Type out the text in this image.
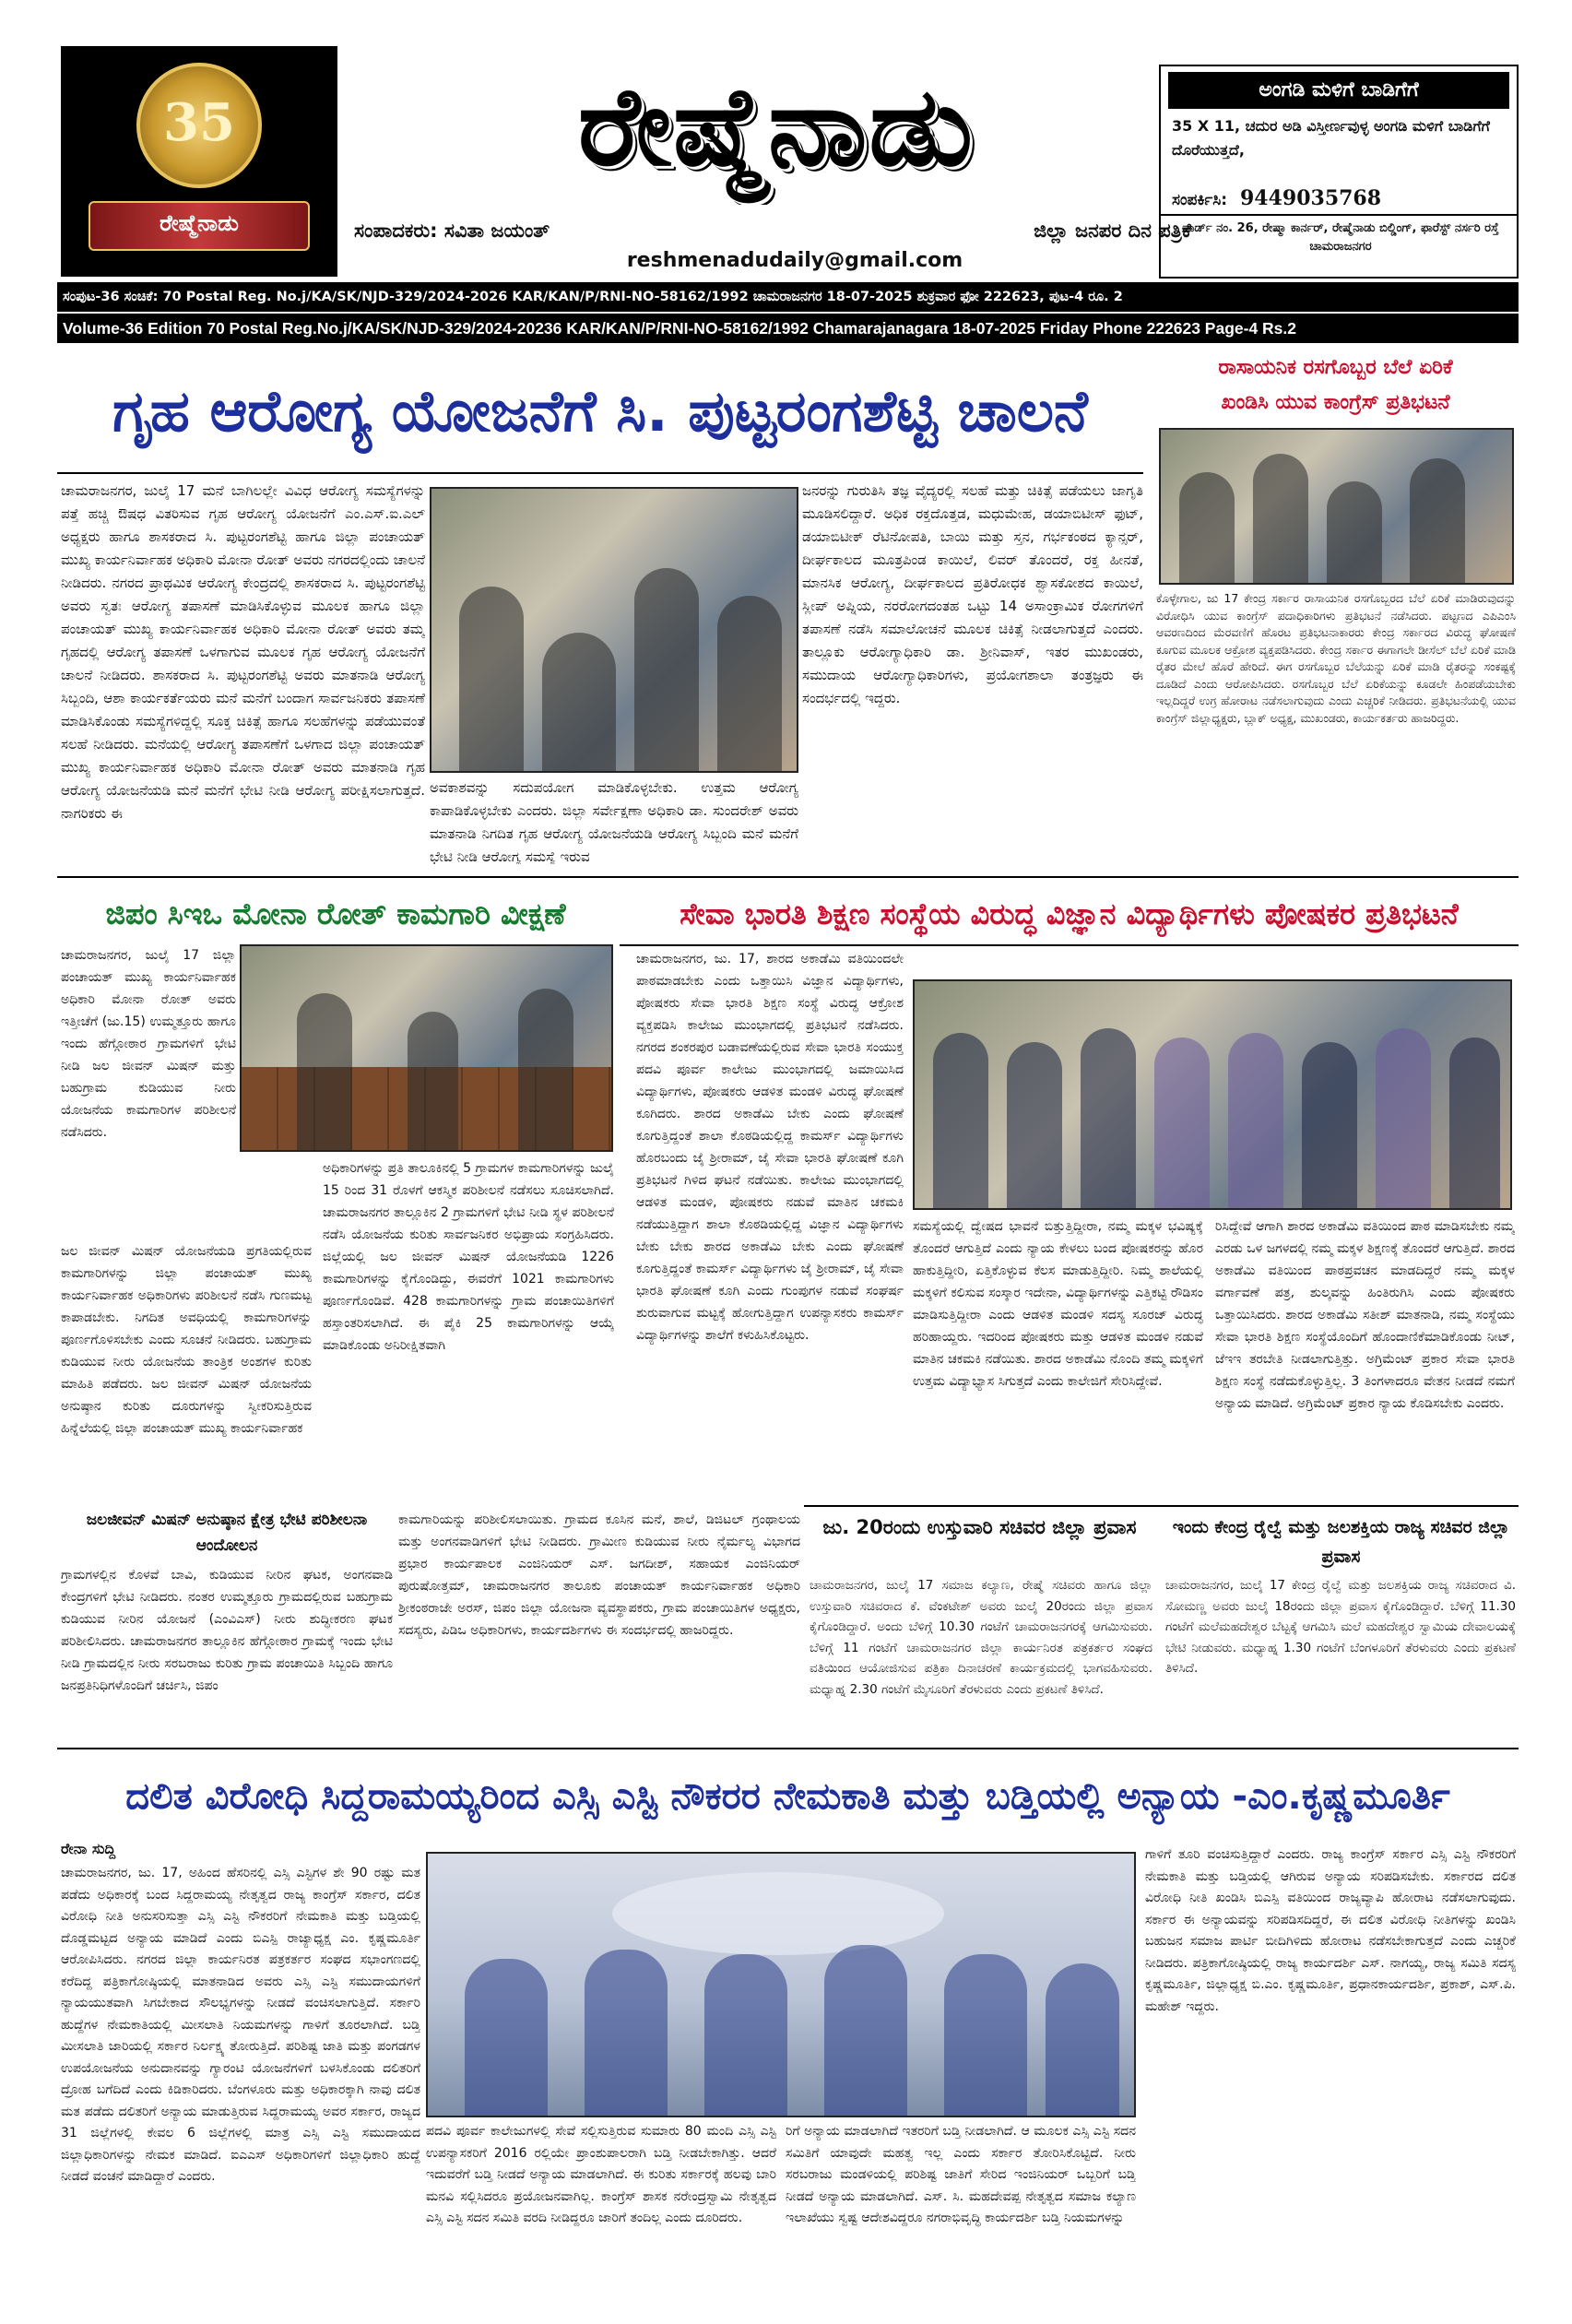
35
ರೇಷ್ಮೆನಾಡು
ರೇಷ್ಮೆನಾಡು
ಸಂಪಾದಕರು: ಸವಿತಾ ಜಯಂತ್	ಜಿಲ್ಲಾ ಜನಪರ ದಿನ ಪತ್ರಿಕೆ
reshmenadudaily@gmail.com
ಅಂಗಡಿ ಮಳಿಗೆ ಬಾಡಿಗೆಗೆ
35 X 11, ಚದುರ ಅಡಿ ವಿಸ್ತೀರ್ಣವುಳ್ಳ ಅಂಗಡಿ ಮಳಿಗೆ ಬಾಡಿಗೆಗೆ ದೊರೆಯುತ್ತದೆ,
ಸಂಪರ್ಕಿಸಿ: 9449035768
ವಾರ್ಡ್ ನಂ. 26, ರೇಷ್ಮಾ ಕಾರ್ನರ್, ರೇಷ್ಮೆನಾಡು ಬಿಲ್ಡಿಂಗ್, ಫಾರೆಸ್ಟ್ ನರ್ಸರಿ ರಸ್ತೆ ಚಾಮರಾಜನಗರ
ಸಂಪುಟ-36 ಸಂಚಿಕೆ: 70 Postal Reg. No.j/KA/SK/NJD-329/2024-2026 KAR/KAN/P/RNI-NO-58162/1992 ಚಾಮರಾಜನಗರ 18-07-2025 ಶುಕ್ರವಾರ ಫೋ 222623, ಪುಟ-4 ರೂ. 2
Volume-36 Edition 70 Postal Reg.No.j/KA/SK/NJD-329/2024-20236 KAR/KAN/P/RNI-NO-58162/1992 Chamarajanagara 18-07-2025 Friday Phone 222623 Page-4 Rs.2
ಗೃಹ ಆರೋಗ್ಯ ಯೋಜನೆಗೆ ಸಿ. ಪುಟ್ಟರಂಗಶೆಟ್ಟಿ ಚಾಲನೆ
ಚಾಮರಾಜನಗರ, ಜುಲೈ 17 ಮನೆ ಬಾಗಿಲಲ್ಲೇ ವಿವಿಧ ಆರೋಗ್ಯ ಸಮಸ್ಯೆಗಳನ್ನು ಪತ್ತೆ ಹಚ್ಚಿ ಔಷಧ ವಿತರಿಸುವ ಗೃಹ ಆರೋಗ್ಯ ಯೋಜನೆಗೆ ಎಂ.ಎಸ್.ಐ.ಎಲ್ ಅಧ್ಯಕ್ಷರು ಹಾಗೂ ಶಾಸಕರಾದ ಸಿ. ಪುಟ್ಟರಂಗಶೆಟ್ಟಿ ಹಾಗೂ ಜಿಲ್ಲಾ ಪಂಚಾಯತ್ ಮುಖ್ಯ ಕಾರ್ಯನಿರ್ವಾಹಕ ಅಧಿಕಾರಿ ಮೋನಾ ರೋತ್ ಅವರು ನಗರದಲ್ಲಿಂದು ಚಾಲನೆ ನೀಡಿದರು. ನಗರದ ಪ್ರಾಥಮಿಕ ಆರೋಗ್ಯ ಕೇಂದ್ರದಲ್ಲಿ ಶಾಸಕರಾದ ಸಿ. ಪುಟ್ಟರಂಗಶೆಟ್ಟಿ ಅವರು ಸ್ವತಃ ಆರೋಗ್ಯ ತಪಾಸಣೆ ಮಾಡಿಸಿಕೊಳ್ಳುವ ಮೂಲಕ ಹಾಗೂ ಜಿಲ್ಲಾ ಪಂಚಾಯತ್ ಮುಖ್ಯ ಕಾರ್ಯನಿರ್ವಾಹಕ ಅಧಿಕಾರಿ ಮೋನಾ ರೋತ್ ಅವರು ತಮ್ಮ ಗೃಹದಲ್ಲಿ ಆರೋಗ್ಯ ತಪಾಸಣೆ ಒಳಗಾಗುವ ಮೂಲಕ ಗೃಹ ಆರೋಗ್ಯ ಯೋಜನೆಗೆ ಚಾಲನೆ ನೀಡಿದರು. ಶಾಸಕರಾದ ಸಿ. ಪುಟ್ಟರಂಗಶೆಟ್ಟಿ ಅವರು ಮಾತನಾಡಿ ಆರೋಗ್ಯ ಸಿಬ್ಬಂದಿ, ಆಶಾ ಕಾರ್ಯಕರ್ತೆಯರು ಮನೆ ಮನೆಗೆ ಬಂದಾಗ ಸಾರ್ವಜನಿಕರು ತಪಾಸಣೆ ಮಾಡಿಸಿಕೊಂಡು ಸಮಸ್ಯೆಗಳಿದ್ದಲ್ಲಿ ಸೂಕ್ತ ಚಿಕಿತ್ಸೆ ಹಾಗೂ ಸಲಹೆಗಳನ್ನು ಪಡೆಯುವಂತೆ ಸಲಹೆ ನೀಡಿದರು. ಮನೆಯಲ್ಲಿ ಆರೋಗ್ಯ ತಪಾಸಣೆಗೆ ಒಳಗಾದ ಜಿಲ್ಲಾ ಪಂಚಾಯತ್ ಮುಖ್ಯ ಕಾರ್ಯನಿರ್ವಾಹಕ ಅಧಿಕಾರಿ ಮೋನಾ ರೋತ್ ಅವರು ಮಾತನಾಡಿ ಗೃಹ ಆರೋಗ್ಯ ಯೋಜನೆಯಡಿ ಮನೆ ಮನೆಗೆ ಭೇಟಿ ನೀಡಿ ಆರೋಗ್ಯ ಪರೀಕ್ಷಿಸಲಾಗುತ್ತದೆ. ನಾಗರಿಕರು ಈ
ಅವಕಾಶವನ್ನು ಸದುಪಯೋಗ ಮಾಡಿಕೊಳ್ಳಬೇಕು. ಉತ್ತಮ ಆರೋಗ್ಯ ಕಾಪಾಡಿಕೊಳ್ಳಬೇಕು ಎಂದರು. ಜಿಲ್ಲಾ ಸರ್ವೇಕ್ಷಣಾ ಅಧಿಕಾರಿ ಡಾ. ಸುಂದರೇಶ್ ಅವರು ಮಾತನಾಡಿ ನಿಗದಿತ ಗೃಹ ಆರೋಗ್ಯ ಯೋಜನೆಯಡಿ ಆರೋಗ್ಯ ಸಿಬ್ಬಂದಿ ಮನೆ ಮನೆಗೆ ಭೇಟಿ ನೀಡಿ ಆರೋಗ್ಯ ಸಮಸ್ಯೆ ಇರುವ
ಜನರನ್ನು ಗುರುತಿಸಿ ತಜ್ಞ ವೈದ್ಯರಲ್ಲಿ ಸಲಹೆ ಮತ್ತು ಚಿಕಿತ್ಸೆ ಪಡೆಯಲು ಜಾಗೃತಿ ಮೂಡಿಸಲಿದ್ದಾರೆ. ಅಧಿಕ ರಕ್ತದೊತ್ತಡ, ಮಧುಮೇಹ, ಡಯಾಬಿಟೀಸ್ ಫುಟ್, ಡಯಾಬಿಟೀಕ್ ರೆಟಿನೋಪತಿ, ಬಾಯಿ ಮತ್ತು ಸ್ತನ, ಗರ್ಭಕಂಠದ ಕ್ಯಾನ್ಸರ್, ದೀರ್ಘಕಾಲದ ಮೂತ್ರಪಿಂಡ ಕಾಯಿಲೆ, ಲಿವರ್ ತೊಂದರೆ, ರಕ್ತ ಹೀನತೆ, ಮಾನಸಿಕ ಆರೋಗ್ಯ, ದೀರ್ಘಕಾಲದ ಪ್ರತಿರೋಧಕ ಶ್ವಾಸಕೋಶದ ಕಾಯಿಲೆ, ಸ್ಲೀಪ್ ಅಪ್ನಿಯ, ನರರೋಗದಂತಹ ಒಟ್ಟು 14 ಅಸಾಂಕ್ರಾಮಿಕ ರೋಗಗಳಿಗೆ ತಪಾಸಣೆ ನಡೆಸಿ ಸಮಾಲೋಚನೆ ಮೂಲಕ ಚಿಕಿತ್ಸೆ ನೀಡಲಾಗುತ್ತದೆ ಎಂದರು. ತಾಲ್ಲೂಕು ಆರೋಗ್ಯಾಧಿಕಾರಿ ಡಾ. ಶ್ರೀನಿವಾಸ್, ಇತರ ಮುಖಂಡರು, ಸಮುದಾಯ ಆರೋಗ್ಯಾಧಿಕಾರಿಗಳು, ಪ್ರಯೋಗಶಾಲಾ ತಂತ್ರಜ್ಞರು ಈ ಸಂದರ್ಭದಲ್ಲಿ ಇದ್ದರು.
ರಾಸಾಯನಿಕ ರಸಗೊಬ್ಬರ ಬೆಲೆ ಏರಿಕೆ
ಖಂಡಿಸಿ ಯುವ ಕಾಂಗ್ರೆಸ್ ಪ್ರತಿಭಟನೆ
ಕೊಳ್ಳೇಗಾಲ, ಜು 17 ಕೇಂದ್ರ ಸರ್ಕಾರ ರಾಸಾಯನಿಕ ರಸಗೊಬ್ಬರದ ಬೆಲೆ ಏರಿಕೆ ಮಾಡಿರುವುದನ್ನು ವಿರೋಧಿಸಿ ಯುವ ಕಾಂಗ್ರೆಸ್ ಪದಾಧಿಕಾರಿಗಳು ಪ್ರತಿಭಟನೆ ನಡೆಸಿದರು. ಪಟ್ಟಣದ ಎಪಿಎಂಸಿ ಆವರಣದಿಂದ ಮೆರವಣಿಗೆ ಹೊರಟ ಪ್ರತಿಭಟನಾಕಾರರು ಕೇಂದ್ರ ಸರ್ಕಾರದ ವಿರುದ್ಧ ಘೋಷಣೆ ಕೂಗುವ ಮೂಲಕ ಆಕ್ರೋಶ ವ್ಯಕ್ತಪಡಿಸಿದರು. ಕೇಂದ್ರ ಸರ್ಕಾರ ಈಗಾಗಲೇ ಡೀಸೆಲ್ ಬೆಲೆ ಏರಿಕೆ ಮಾಡಿ ರೈತರ ಮೇಲೆ ಹೊರೆ ಹೇರಿದೆ. ಈಗ ರಸಗೊಬ್ಬರ ಬೆಲೆಯನ್ನು ಏರಿಕೆ ಮಾಡಿ ರೈತರನ್ನು ಸಂಕಷ್ಟಕ್ಕೆ ದೂಡಿದೆ ಎಂದು ಆರೋಪಿಸಿದರು. ರಸಗೊಬ್ಬರ ಬೆಲೆ ಏರಿಕೆಯನ್ನು ಕೂಡಲೇ ಹಿಂಪಡೆಯಬೇಕು ಇಲ್ಲದಿದ್ದರೆ ಉಗ್ರ ಹೋರಾಟ ನಡೆಸಲಾಗುವುದು ಎಂದು ಎಚ್ಚರಿಕೆ ನೀಡಿದರು. ಪ್ರತಿಭಟನೆಯಲ್ಲಿ ಯುವ ಕಾಂಗ್ರೆಸ್ ಜಿಲ್ಲಾಧ್ಯಕ್ಷರು, ಬ್ಲಾಕ್ ಅಧ್ಯಕ್ಷ, ಮುಖಂಡರು, ಕಾರ್ಯಕರ್ತರು ಹಾಜರಿದ್ದರು.
ಜಿಪಂ ಸಿಇಒ ಮೋನಾ ರೋತ್ ಕಾಮಗಾರಿ ವೀಕ್ಷಣೆ
ಚಾಮರಾಜನಗರ, ಜುಲೈ 17 ಜಿಲ್ಲಾ ಪಂಚಾಯತ್ ಮುಖ್ಯ ಕಾರ್ಯನಿರ್ವಾಹಕ ಅಧಿಕಾರಿ ಮೋನಾ ರೋತ್ ಅವರು ಇತ್ತೀಚೆಗೆ (ಜು.15) ಉಮ್ಮತ್ತೂರು ಹಾಗೂ ಇಂದು ಹೆಗ್ಗೋಠಾರ ಗ್ರಾಮಗಳಿಗೆ ಭೇಟಿ ನೀಡಿ ಜಲ ಜೀವನ್ ಮಿಷನ್ ಮತ್ತು ಬಹುಗ್ರಾಮ ಕುಡಿಯುವ ನೀರು ಯೋಜನೆಯ ಕಾಮಗಾರಿಗಳ ಪರಿಶೀಲನೆ ನಡೆಸಿದರು.
ಜಲ ಜೀವನ್ ಮಿಷನ್ ಯೋಜನೆಯಡಿ ಪ್ರಗತಿಯಲ್ಲಿರುವ ಕಾಮಗಾರಿಗಳನ್ನು ಜಿಲ್ಲಾ ಪಂಚಾಯತ್ ಮುಖ್ಯ ಕಾರ್ಯನಿರ್ವಾಹಕ ಅಧಿಕಾರಿಗಳು ಪರಿಶೀಲನೆ ನಡೆಸಿ ಗುಣಮಟ್ಟ ಕಾಪಾಡಬೇಕು. ನಿಗದಿತ ಅವಧಿಯಲ್ಲಿ ಕಾಮಗಾರಿಗಳನ್ನು ಪೂರ್ಣಗೊಳಿಸಬೇಕು ಎಂದು ಸೂಚನೆ ನೀಡಿದರು. ಬಹುಗ್ರಾಮ ಕುಡಿಯುವ ನೀರು ಯೋಜನೆಯ ತಾಂತ್ರಿಕ ಅಂಶಗಳ ಕುರಿತು ಮಾಹಿತಿ ಪಡೆದರು. ಜಲ ಜೀವನ್ ಮಿಷನ್ ಯೋಜನೆಯ ಅನುಷ್ಠಾನ ಕುರಿತು ದೂರುಗಳನ್ನು ಸ್ವೀಕರಿಸುತ್ತಿರುವ ಹಿನ್ನೆಲೆಯಲ್ಲಿ ಜಿಲ್ಲಾ ಪಂಚಾಯತ್ ಮುಖ್ಯ ಕಾರ್ಯನಿರ್ವಾಹಕ
ಅಧಿಕಾರಿಗಳನ್ನು ಪ್ರತಿ ತಾಲೂಕಿನಲ್ಲಿ 5 ಗ್ರಾಮಗಳ ಕಾಮಗಾರಿಗಳನ್ನು ಜುಲೈ 15 ರಿಂದ 31 ರೊಳಗೆ ಆಕಸ್ಮಿಕ ಪರಿಶೀಲನೆ ನಡೆಸಲು ಸೂಚಿಸಲಾಗಿದೆ. ಚಾಮರಾಜನಗರ ತಾಲ್ಲೂಕಿನ 2 ಗ್ರಾಮಗಳಿಗೆ ಭೇಟಿ ನೀಡಿ ಸ್ಥಳ ಪರಿಶೀಲನೆ ನಡೆಸಿ ಯೋಜನೆಯ ಕುರಿತು ಸಾರ್ವಜನಿಕರ ಅಭಿಪ್ರಾಯ ಸಂಗ್ರಹಿಸಿದರು. ಜಿಲ್ಲೆಯಲ್ಲಿ ಜಲ ಜೀವನ್ ಮಿಷನ್ ಯೋಜನೆಯಡಿ 1226 ಕಾಮಗಾರಿಗಳನ್ನು ಕೈಗೊಂಡಿದ್ದು, ಈವರೆಗೆ 1021 ಕಾಮಗಾರಿಗಳು ಪೂರ್ಣಗೊಂಡಿವೆ. 428 ಕಾಮಗಾರಿಗಳನ್ನು ಗ್ರಾಮ ಪಂಚಾಯಿತಿಗಳಿಗೆ ಹಸ್ತಾಂತರಿಸಲಾಗಿದೆ. ಈ ಪೈಕಿ 25 ಕಾಮಗಾರಿಗಳನ್ನು ಆಯ್ಕೆ ಮಾಡಿಕೊಂಡು ಅನಿರೀಕ್ಷಿತವಾಗಿ
ಜಲಜೀವನ್ ಮಿಷನ್ ಅನುಷ್ಠಾನ ಕ್ಷೇತ್ರ ಭೇಟಿ ಪರಿಶೀಲನಾ ಆಂದೋಲನ
ಗ್ರಾಮಗಳಲ್ಲಿನ ಕೊಳವೆ ಬಾವಿ, ಕುಡಿಯುವ ನೀರಿನ ಘಟಕ, ಅಂಗನವಾಡಿ ಕೇಂದ್ರಗಳಿಗೆ ಭೇಟಿ ನೀಡಿದರು. ನಂತರ ಉಮ್ಮತ್ತೂರು ಗ್ರಾಮದಲ್ಲಿರುವ ಬಹುಗ್ರಾಮ ಕುಡಿಯುವ ನೀರಿನ ಯೋಜನೆ (ಎಂವಿಎಸ್) ನೀರು ಶುದ್ಧೀಕರಣ ಘಟಕ ಪರಿಶೀಲಿಸಿದರು. ಚಾಮರಾಜನಗರ ತಾಲ್ಲೂಕಿನ ಹೆಗ್ಗೋಠಾರ ಗ್ರಾಮಕ್ಕೆ ಇಂದು ಭೇಟಿ ನೀಡಿ ಗ್ರಾಮದಲ್ಲಿನ ನೀರು ಸರಬರಾಜು ಕುರಿತು ಗ್ರಾಮ ಪಂಚಾಯಿತಿ ಸಿಬ್ಬಂದಿ ಹಾಗೂ ಜನಪ್ರತಿನಿಧಿಗಳೊಂದಿಗೆ ಚರ್ಚಿಸಿ, ಜಿಪಂ
ಕಾಮಗಾರಿಯನ್ನು ಪರಿಶೀಲಿಸಲಾಯಿತು. ಗ್ರಾಮದ ಕೂಸಿನ ಮನೆ, ಶಾಲೆ, ಡಿಜಿಟಲ್ ಗ್ರಂಥಾಲಯ ಮತ್ತು ಅಂಗನವಾಡಿಗಳಿಗೆ ಭೇಟಿ ನೀಡಿದರು. ಗ್ರಾಮೀಣ ಕುಡಿಯುವ ನೀರು ನೈರ್ಮಲ್ಯ ವಿಭಾಗದ ಪ್ರಭಾರ ಕಾರ್ಯಪಾಲಕ ಎಂಜಿನಿಯರ್ ಎಸ್. ಜಗದೀಶ್, ಸಹಾಯಕ ಎಂಜಿನಿಯರ್ ಪುರುಷೋತ್ತಮ್, ಚಾಮರಾಜನಗರ ತಾಲೂಕು ಪಂಚಾಯತ್ ಕಾರ್ಯನಿರ್ವಾಹಕ ಅಧಿಕಾರಿ ಶ್ರೀಕಂಠರಾಜೇ ಅರಸ್, ಜಿಪಂ ಜಿಲ್ಲಾ ಯೋಜನಾ ವ್ಯವಸ್ಥಾಪಕರು, ಗ್ರಾಮ ಪಂಚಾಯಿತಿಗಳ ಅಧ್ಯಕ್ಷರು, ಸದಸ್ಯರು, ಪಿಡಿಒ ಅಧಿಕಾರಿಗಳು, ಕಾರ್ಯದರ್ಶಿಗಳು ಈ ಸಂದರ್ಭದಲ್ಲಿ ಹಾಜರಿದ್ದರು.
ಸೇವಾ ಭಾರತಿ ಶಿಕ್ಷಣ ಸಂಸ್ಥೆಯ ವಿರುದ್ಧ ವಿಜ್ಞಾನ ವಿದ್ಯಾರ್ಥಿಗಳು ಪೋಷಕರ ಪ್ರತಿಭಟನೆ
ಚಾಮರಾಜನಗರ, ಜು. 17, ಶಾರದ ಅಕಾಡೆಮಿ ವತಿಯಿಂದಲೇ ಪಾಠಮಾಡಬೇಕು ಎಂದು ಒತ್ತಾಯಿಸಿ ವಿಜ್ಞಾನ ವಿದ್ಯಾರ್ಥಿಗಳು, ಪೋಷಕರು ಸೇವಾ ಭಾರತಿ ಶಿಕ್ಷಣ ಸಂಸ್ಥೆ ವಿರುದ್ಧ ಆಕ್ರೋಶ ವ್ಯಕ್ತಪಡಿಸಿ ಕಾಲೇಜು ಮುಂಭಾಗದಲ್ಲಿ ಪ್ರತಿಭಟನೆ ನಡೆಸಿದರು. ನಗರದ ಶಂಕರಪುರ ಬಡಾವಣೆಯಲ್ಲಿರುವ ಸೇವಾ ಭಾರತಿ ಸಂಯುಕ್ತ ಪದವಿ ಪೂರ್ವ ಕಾಲೇಜು ಮುಂಭಾಗದಲ್ಲಿ ಜಮಾಯಿಸಿದ ವಿದ್ಯಾರ್ಥಿಗಳು, ಪೋಷಕರು ಆಡಳಿತ ಮಂಡಳಿ ವಿರುದ್ಧ ಘೋಷಣೆ ಕೂಗಿದರು. ಶಾರದ ಅಕಾಡೆಮಿ ಬೇಕು ಎಂದು ಘೋಷಣೆ ಕೂಗುತ್ತಿದ್ದಂತೆ ಶಾಲಾ ಕೊಠಡಿಯಲ್ಲಿದ್ದ ಕಾಮರ್ಸ್ ವಿದ್ಯಾರ್ಥಿಗಳು ಹೊರಬಂದು ಜೈ ಶ್ರೀರಾಮ್, ಜೈ ಸೇವಾ ಭಾರತಿ ಘೋಷಣೆ ಕೂಗಿ ಪ್ರತಿಭಟನೆ ಗಿಳಿದ ಘಟನೆ ನಡೆಯಿತು. ಕಾಲೇಜು ಮುಂಭಾಗದಲ್ಲಿ ಆಡಳಿತ ಮಂಡಳಿ, ಪೋಷಕರು ನಡುವೆ ಮಾತಿನ ಚಕಮಕಿ ನಡೆಯುತ್ತಿದ್ದಾಗ ಶಾಲಾ ಕೊಠಡಿಯಲ್ಲಿದ್ದ ವಿಜ್ಞಾನ ವಿದ್ಯಾರ್ಥಿಗಳು ಬೇಕು ಬೇಕು ಶಾರದ ಅಕಾಡೆಮಿ ಬೇಕು ಎಂದು ಘೋಷಣೆ ಕೂಗುತ್ತಿದ್ದಂತೆ ಕಾಮರ್ಸ್ ವಿದ್ಯಾರ್ಥಿಗಳು ಜೈ ಶ್ರೀರಾಮ್, ಜೈ ಸೇವಾ ಭಾರತಿ ಘೋಷಣೆ ಕೂಗಿ ಎಂದು ಗುಂಪುಗಳ ನಡುವೆ ಸಂಘರ್ಷ ಶುರುವಾಗುವ ಮಟ್ಟಕ್ಕೆ ಹೋಗುತ್ತಿದ್ದಾಗ ಉಪನ್ಯಾಸಕರು ಕಾಮರ್ಸ್ ವಿದ್ಯಾರ್ಥಿಗಳನ್ನು ಶಾಲೆಗೆ ಕಳುಹಿಸಿಕೊಟ್ಟರು.
ಸಮಸ್ಯೆಯಲ್ಲಿ ದ್ವೇಷದ ಭಾವನೆ ಬಿತ್ತುತ್ತಿದ್ದೀರಾ, ನಮ್ಮ ಮಕ್ಕಳ ಭವಿಷ್ಯಕ್ಕೆ ತೊಂದರೆ ಆಗುತ್ತಿದೆ ಎಂದು ನ್ಯಾಯ ಕೇಳಲು ಬಂದ ಪೋಷಕರನ್ನು ಹೊರ ಹಾಕುತ್ತಿದ್ದೀರಿ, ಏತ್ತಿಕೊಳ್ಳುವ ಕೆಲಸ ಮಾಡುತ್ತಿದ್ದೀರಿ. ನಿಮ್ಮ ಶಾಲೆಯಲ್ಲಿ ಮಕ್ಕಳಿಗೆ ಕಲಿಸುವ ಸಂಸ್ಕಾರ ಇದೇನಾ, ವಿದ್ಯಾರ್ಥಿಗಳನ್ನು ಎತ್ತಿಕಟ್ಟಿ ರೌಡಿಸಂ ಮಾಡಿಸುತ್ತಿದ್ದೀರಾ ಎಂದು ಆಡಳಿತ ಮಂಡಳಿ ಸದಸ್ಯ ಸೂರಜ್ ವಿರುದ್ಧ ಹರಿಹಾಯ್ದರು. ಇದರಿಂದ ಪೋಷಕರು ಮತ್ತು ಆಡಳಿತ ಮಂಡಳಿ ನಡುವೆ ಮಾತಿನ ಚಕಮಕಿ ನಡೆಯಿತು. ಶಾರದ ಅಕಾಡೆಮಿ ನೊಂದಿ ತಮ್ಮ ಮಕ್ಕಳಿಗೆ ಉತ್ತಮ ವಿದ್ಯಾಭ್ಯಾಸ ಸಿಗುತ್ತದೆ ಎಂದು ಕಾಲೇಜಿಗೆ ಸೇರಿಸಿದ್ದೇವೆ.
ರಿಸಿದ್ದೇವೆ ಆಗಾಗಿ ಶಾರದ ಅಕಾಡೆಮಿ ವತಿಯಿಂದ ಪಾಠ ಮಾಡಿಸಬೇಕು ನಮ್ಮ ಎರಡು ಒಳ ಜಗಳದಲ್ಲಿ ನಮ್ಮ ಮಕ್ಕಳ ಶಿಕ್ಷಣಕ್ಕೆ ತೊಂದರೆ ಆಗುತ್ತಿದೆ. ಶಾರದ ಅಕಾಡೆಮಿ ವತಿಯಿಂದ ಪಾಠಪ್ರವಚನ ಮಾಡದಿದ್ದರೆ ನಮ್ಮ ಮಕ್ಕಳ ವರ್ಗಾವಣೆ ಪತ್ರ, ಶುಲ್ಕವನ್ನು ಹಿಂತಿರುಗಿಸಿ ಎಂದು ಪೋಷಕರು ಒತ್ತಾಯಿಸಿದರು. ಶಾರದ ಅಕಾಡೆಮಿ ಸತೀಶ್ ಮಾತನಾಡಿ, ನಮ್ಮ ಸಂಸ್ಥೆಯು ಸೇವಾ ಭಾರತಿ ಶಿಕ್ಷಣ ಸಂಸ್ಥೆಯೊಂದಿಗೆ ಹೊಂದಾಣಿಕೆಮಾಡಿಕೊಂಡು ನೀಟ್, ಜೆಇಇ ತರಬೇತಿ ನೀಡಲಾಗುತ್ತಿತ್ತು. ಅಗ್ರಿಮೆಂಟ್ ಪ್ರಕಾರ ಸೇವಾ ಭಾರತಿ ಶಿಕ್ಷಣ ಸಂಸ್ಥೆ ನಡೆದುಕೊಳ್ಳುತ್ತಿಲ್ಲ. 3 ತಿಂಗಳಾದರೂ ವೇತನ ನೀಡದೆ ನಮಗೆ ಅನ್ಯಾಯ ಮಾಡಿದೆ. ಅಗ್ರಿಮೆಂಟ್ ಪ್ರಕಾರ ನ್ಯಾಯ ಕೊಡಿಸಬೇಕು ಎಂದರು.
ಜು. 20ರಂದು ಉಸ್ತುವಾರಿ ಸಚಿವರ ಜಿಲ್ಲಾ ಪ್ರವಾಸ
ಚಾಮರಾಜನಗರ, ಜುಲೈ 17 ಸಮಾಜ ಕಲ್ಯಾಣ, ರೇಷ್ಮೆ ಸಚಿವರು ಹಾಗೂ ಜಿಲ್ಲಾ ಉಸ್ತುವಾರಿ ಸಚಿವರಾದ ಕೆ. ವೆಂಕಟೇಶ್ ಅವರು ಜುಲೈ 20ರಂದು ಜಿಲ್ಲಾ ಪ್ರವಾಸ ಕೈಗೊಂಡಿದ್ದಾರೆ. ಅಂದು ಬೆಳಿಗ್ಗೆ 10.30 ಗಂಟೆಗೆ ಚಾಮರಾಜನಗರಕ್ಕೆ ಆಗಮಿಸುವರು. ಬೆಳಿಗ್ಗೆ 11 ಗಂಟೆಗೆ ಚಾಮರಾಜನಗರ ಜಿಲ್ಲಾ ಕಾರ್ಯನಿರತ ಪತ್ರಕರ್ತರ ಸಂಘದ ವತಿಯಿಂದ ಆಯೋಜಿಸುವ ಪತ್ರಿಕಾ ದಿನಾಚರಣೆ ಕಾರ್ಯಕ್ರಮದಲ್ಲಿ ಭಾಗವಹಿಸುವರು. ಮಧ್ಯಾಹ್ನ 2.30 ಗಂಟೆಗೆ ಮೈಸೂರಿಗೆ ತೆರಳುವರು ಎಂದು ಪ್ರಕಟಣೆ ತಿಳಿಸಿದೆ.
ಇಂದು ಕೇಂದ್ರ ರೈಲ್ವೆ ಮತ್ತು ಜಲಶಕ್ತಿಯ ರಾಜ್ಯ ಸಚಿವರ ಜಿಲ್ಲಾ ಪ್ರವಾಸ
ಚಾಮರಾಜನಗರ, ಜುಲೈ 17 ಕೇಂದ್ರ ರೈಲ್ವೆ ಮತ್ತು ಜಲಶಕ್ತಿಯ ರಾಜ್ಯ ಸಚಿವರಾದ ವಿ. ಸೋಮಣ್ಣ ಅವರು ಜುಲೈ 18ರಂದು ಜಿಲ್ಲಾ ಪ್ರವಾಸ ಕೈಗೊಂಡಿದ್ದಾರೆ. ಬೆಳಿಗ್ಗೆ 11.30 ಗಂಟೆಗೆ ಮಲೆಮಹದೇಶ್ವರ ಬೆಟ್ಟಕ್ಕೆ ಆಗಮಿಸಿ ಮಲೆ ಮಹದೇಶ್ವರ ಸ್ವಾಮಿಯ ದೇವಾಲಯಕ್ಕೆ ಭೇಟಿ ನೀಡುವರು. ಮಧ್ಯಾಹ್ನ 1.30 ಗಂಟೆಗೆ ಬೆಂಗಳೂರಿಗೆ ತೆರಳುವರು ಎಂದು ಪ್ರಕಟಣೆ ತಿಳಿಸಿದೆ.
ದಲಿತ ವಿರೋಧಿ ಸಿದ್ದರಾಮಯ್ಯರಿಂದ ಎಸ್ಸಿ ಎಸ್ಟಿ ನೌಕರರ ನೇಮಕಾತಿ ಮತ್ತು ಬಡ್ತಿಯಲ್ಲಿ ಅನ್ಯಾಯ -ಎಂ.ಕೃಷ್ಣಮೂರ್ತಿ
ರೇನಾ ಸುದ್ದಿ
ಚಾಮರಾಜನಗರ, ಜು. 17, ಅಹಿಂದ ಹೆಸರಿನಲ್ಲಿ ಎಸ್ಸಿ ಎಸ್ಟಿಗಳ ಶೇ 90 ರಷ್ಟು ಮತ ಪಡೆದು ಅಧಿಕಾರಕ್ಕೆ ಬಂದ ಸಿದ್ದರಾಮಯ್ಯ ನೇತೃತ್ವದ ರಾಜ್ಯ ಕಾಂಗ್ರೆಸ್ ಸರ್ಕಾರ, ದಲಿತ ವಿರೋಧಿ ನೀತಿ ಅನುಸರಿಸುತ್ತಾ ಎಸ್ಸಿ ಎಸ್ಟಿ ನೌಕರರಿಗೆ ನೇಮಕಾತಿ ಮತ್ತು ಬಡ್ತಿಯಲ್ಲಿ ದೊಡ್ಡಮಟ್ಟದ ಅನ್ಯಾಯ ಮಾಡಿದೆ ಎಂದು ಬಿಎಸ್ಪಿ ರಾಜ್ಯಾಧ್ಯಕ್ಷ ಎಂ. ಕೃಷ್ಣಮೂರ್ತಿ ಆರೋಪಿಸಿದರು. ನಗರದ ಜಿಲ್ಲಾ ಕಾರ್ಯನಿರತ ಪತ್ರಕರ್ತರ ಸಂಘದ ಸಭಾಂಗಣದಲ್ಲಿ ಕರೆದಿದ್ದ ಪತ್ರಿಕಾಗೋಷ್ಠಿಯಲ್ಲಿ ಮಾತನಾಡಿದ ಅವರು ಎಸ್ಸಿ ಎಸ್ಟಿ ಸಮುದಾಯಗಳಿಗೆ ನ್ಯಾಯಯುತವಾಗಿ ಸಿಗಬೇಕಾದ ಸೌಲಭ್ಯಗಳನ್ನು ನೀಡದೆ ವಂಚಿಸಲಾಗುತ್ತಿದೆ. ಸರ್ಕಾರಿ ಹುದ್ದೆಗಳ ನೇಮಕಾತಿಯಲ್ಲಿ ಮೀಸಲಾತಿ ನಿಯಮಗಳನ್ನು ಗಾಳಿಗೆ ತೂರಲಾಗಿದೆ. ಬಡ್ತಿ ಮೀಸಲಾತಿ ಜಾರಿಯಲ್ಲಿ ಸರ್ಕಾರ ನಿರ್ಲಕ್ಷ್ಯ ತೋರುತ್ತಿದೆ. ಪರಿಶಿಷ್ಟ ಜಾತಿ ಮತ್ತು ಪಂಗಡಗಳ ಉಪಯೋಜನೆಯ ಅನುದಾನವನ್ನು ಗ್ಯಾರಂಟಿ ಯೋಜನೆಗಳಿಗೆ ಬಳಸಿಕೊಂಡು ದಲಿತರಿಗೆ ದ್ರೋಹ ಬಗೆದಿದೆ ಎಂದು ಕಿಡಿಕಾರಿದರು. ಬೆಂಗಳೂರು ಮತ್ತು ಅಧಿಕಾರಕ್ಕಾಗಿ ನಾವು ದಲಿತ ಮತ ಪಡೆದು ದಲಿತರಿಗೆ ಅನ್ಯಾಯ ಮಾಡುತ್ತಿರುವ ಸಿದ್ದರಾಮಯ್ಯ ಅವರ ಸರ್ಕಾರ, ರಾಜ್ಯದ 31 ಜಿಲ್ಲೆಗಳಲ್ಲಿ ಕೇವಲ 6 ಜಿಲ್ಲೆಗಳಲ್ಲಿ ಮಾತ್ರ ಎಸ್ಸಿ ಎಸ್ಟಿ ಸಮುದಾಯದ ಜಿಲ್ಲಾಧಿಕಾರಿಗಳನ್ನು ನೇಮಕ ಮಾಡಿದೆ. ಐಎಎಸ್ ಅಧಿಕಾರಿಗಳಿಗೆ ಜಿಲ್ಲಾಧಿಕಾರಿ ಹುದ್ದೆ ನೀಡದೆ ವಂಚನೆ ಮಾಡಿದ್ದಾರೆ ಎಂದರು.
ಪದವಿ ಪೂರ್ವ ಕಾಲೇಜುಗಳಲ್ಲಿ ಸೇವೆ ಸಲ್ಲಿಸುತ್ತಿರುವ ಸುಮಾರು 80 ಮಂದಿ ಎಸ್ಸಿ ಎಸ್ಟಿ ಉಪನ್ಯಾಸಕರಿಗೆ 2016 ರಲ್ಲಿಯೇ ಪ್ರಾಂಶುಪಾಲರಾಗಿ ಬಡ್ತಿ ನೀಡಬೇಕಾಗಿತ್ತು. ಆದರೆ ಇದುವರೆಗೆ ಬಡ್ತಿ ನೀಡದೆ ಅನ್ಯಾಯ ಮಾಡಲಾಗಿದೆ. ಈ ಕುರಿತು ಸರ್ಕಾರಕ್ಕೆ ಹಲವು ಬಾರಿ ಮನವಿ ಸಲ್ಲಿಸಿದರೂ ಪ್ರಯೋಜನವಾಗಿಲ್ಲ. ಕಾಂಗ್ರೆಸ್ ಶಾಸಕ ನರೇಂದ್ರಸ್ವಾಮಿ ನೇತೃತ್ವದ ಎಸ್ಸಿ ಎಸ್ಟಿ ಸದನ ಸಮಿತಿ ವರದಿ ನೀಡಿದ್ದರೂ ಜಾರಿಗೆ ತಂದಿಲ್ಲ ಎಂದು ದೂರಿದರು.
ರಿಗೆ ಅನ್ಯಾಯ ಮಾಡಲಾಗಿದೆ ಇತರರಿಗೆ ಬಡ್ತಿ ನೀಡಲಾಗಿದೆ. ಆ ಮೂಲಕ ಎಸ್ಸಿ ಎಸ್ಟಿ ಸದನ ಸಮಿತಿಗೆ ಯಾವುದೇ ಮಹತ್ವ ಇಲ್ಲ ಎಂದು ಸರ್ಕಾರ ತೋರಿಸಿಕೊಟ್ಟಿದೆ. ನೀರು ಸರಬರಾಜು ಮಂಡಳಿಯಲ್ಲಿ ಪರಿಶಿಷ್ಟ ಜಾತಿಗೆ ಸೇರಿದ ಇಂಜಿನಿಯರ್ ಒಬ್ಬರಿಗೆ ಬಡ್ತಿ ನೀಡದೆ ಅನ್ಯಾಯ ಮಾಡಲಾಗಿದೆ. ಎಸ್. ಸಿ. ಮಹದೇವಪ್ಪ ನೇತೃತ್ವದ ಸಮಾಜ ಕಲ್ಯಾಣ ಇಲಾಖೆಯು ಸ್ವಷ್ಟ ಆದೇಶವಿದ್ದರೂ ನಗರಾಭಿವೃದ್ಧಿ ಕಾರ್ಯದರ್ಶಿ ಬಡ್ತಿ ನಿಯಮಗಳನ್ನು
ಗಾಳಿಗೆ ತೂರಿ ವಂಚಿಸುತ್ತಿದ್ದಾರೆ ಎಂದರು. ರಾಜ್ಯ ಕಾಂಗ್ರೆಸ್ ಸರ್ಕಾರ ಎಸ್ಸಿ ಎಸ್ಟಿ ನೌಕರರಿಗೆ ನೇಮಕಾತಿ ಮತ್ತು ಬಡ್ತಿಯಲ್ಲಿ ಆಗಿರುವ ಅನ್ಯಾಯ ಸರಿಪಡಿಸಬೇಕು. ಸರ್ಕಾರದ ದಲಿತ ವಿರೋಧಿ ನೀತಿ ಖಂಡಿಸಿ ಬಿಎಸ್ಪಿ ವತಿಯಿಂದ ರಾಜ್ಯವ್ಯಾಪಿ ಹೋರಾಟ ನಡೆಸಲಾಗುವುದು. ಸರ್ಕಾರ ಈ ಅನ್ಯಾಯವನ್ನು ಸರಿಪಡಿಸದಿದ್ದರೆ, ಈ ದಲಿತ ವಿರೋಧಿ ನೀತಿಗಳನ್ನು ಖಂಡಿಸಿ ಬಹುಜನ ಸಮಾಜ ಪಾರ್ಟಿ ಬೀದಿಗಿಳಿದು ಹೋರಾಟ ನಡೆಸಬೇಕಾಗುತ್ತದೆ ಎಂದು ಎಚ್ಚರಿಕೆ ನೀಡಿದರು. ಪತ್ರಿಕಾಗೋಷ್ಠಿಯಲ್ಲಿ ರಾಜ್ಯ ಕಾರ್ಯದರ್ಶಿ ಎಸ್. ನಾಗಯ್ಯ, ರಾಜ್ಯ ಸಮಿತಿ ಸದಸ್ಯ ಕೃಷ್ಣಮೂರ್ತಿ, ಜಿಲ್ಲಾಧ್ಯಕ್ಷ ಬಿ.ಎಂ. ಕೃಷ್ಣಮೂರ್ತಿ, ಪ್ರಧಾನಕಾರ್ಯದರ್ಶಿ, ಪ್ರಕಾಶ್, ಎಸ್.ಪಿ. ಮಹೇಶ್ ಇದ್ದರು.
